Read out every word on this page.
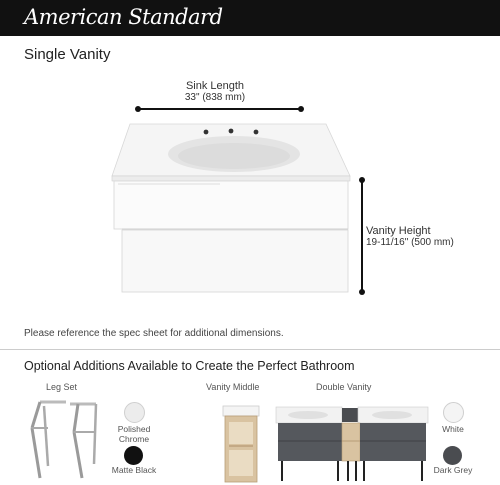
American Standard
Single Vanity
Sink Length
33" (838 mm)
Vanity Height
19-11/16" (500 mm)
Please reference the spec sheet for additional dimensions.
Optional Additions Available to Create the Perfect Bathroom
Leg Set
Polished Chrome
Matte Black
Vanity Middle	Double Vanity
White
Dark Grey
